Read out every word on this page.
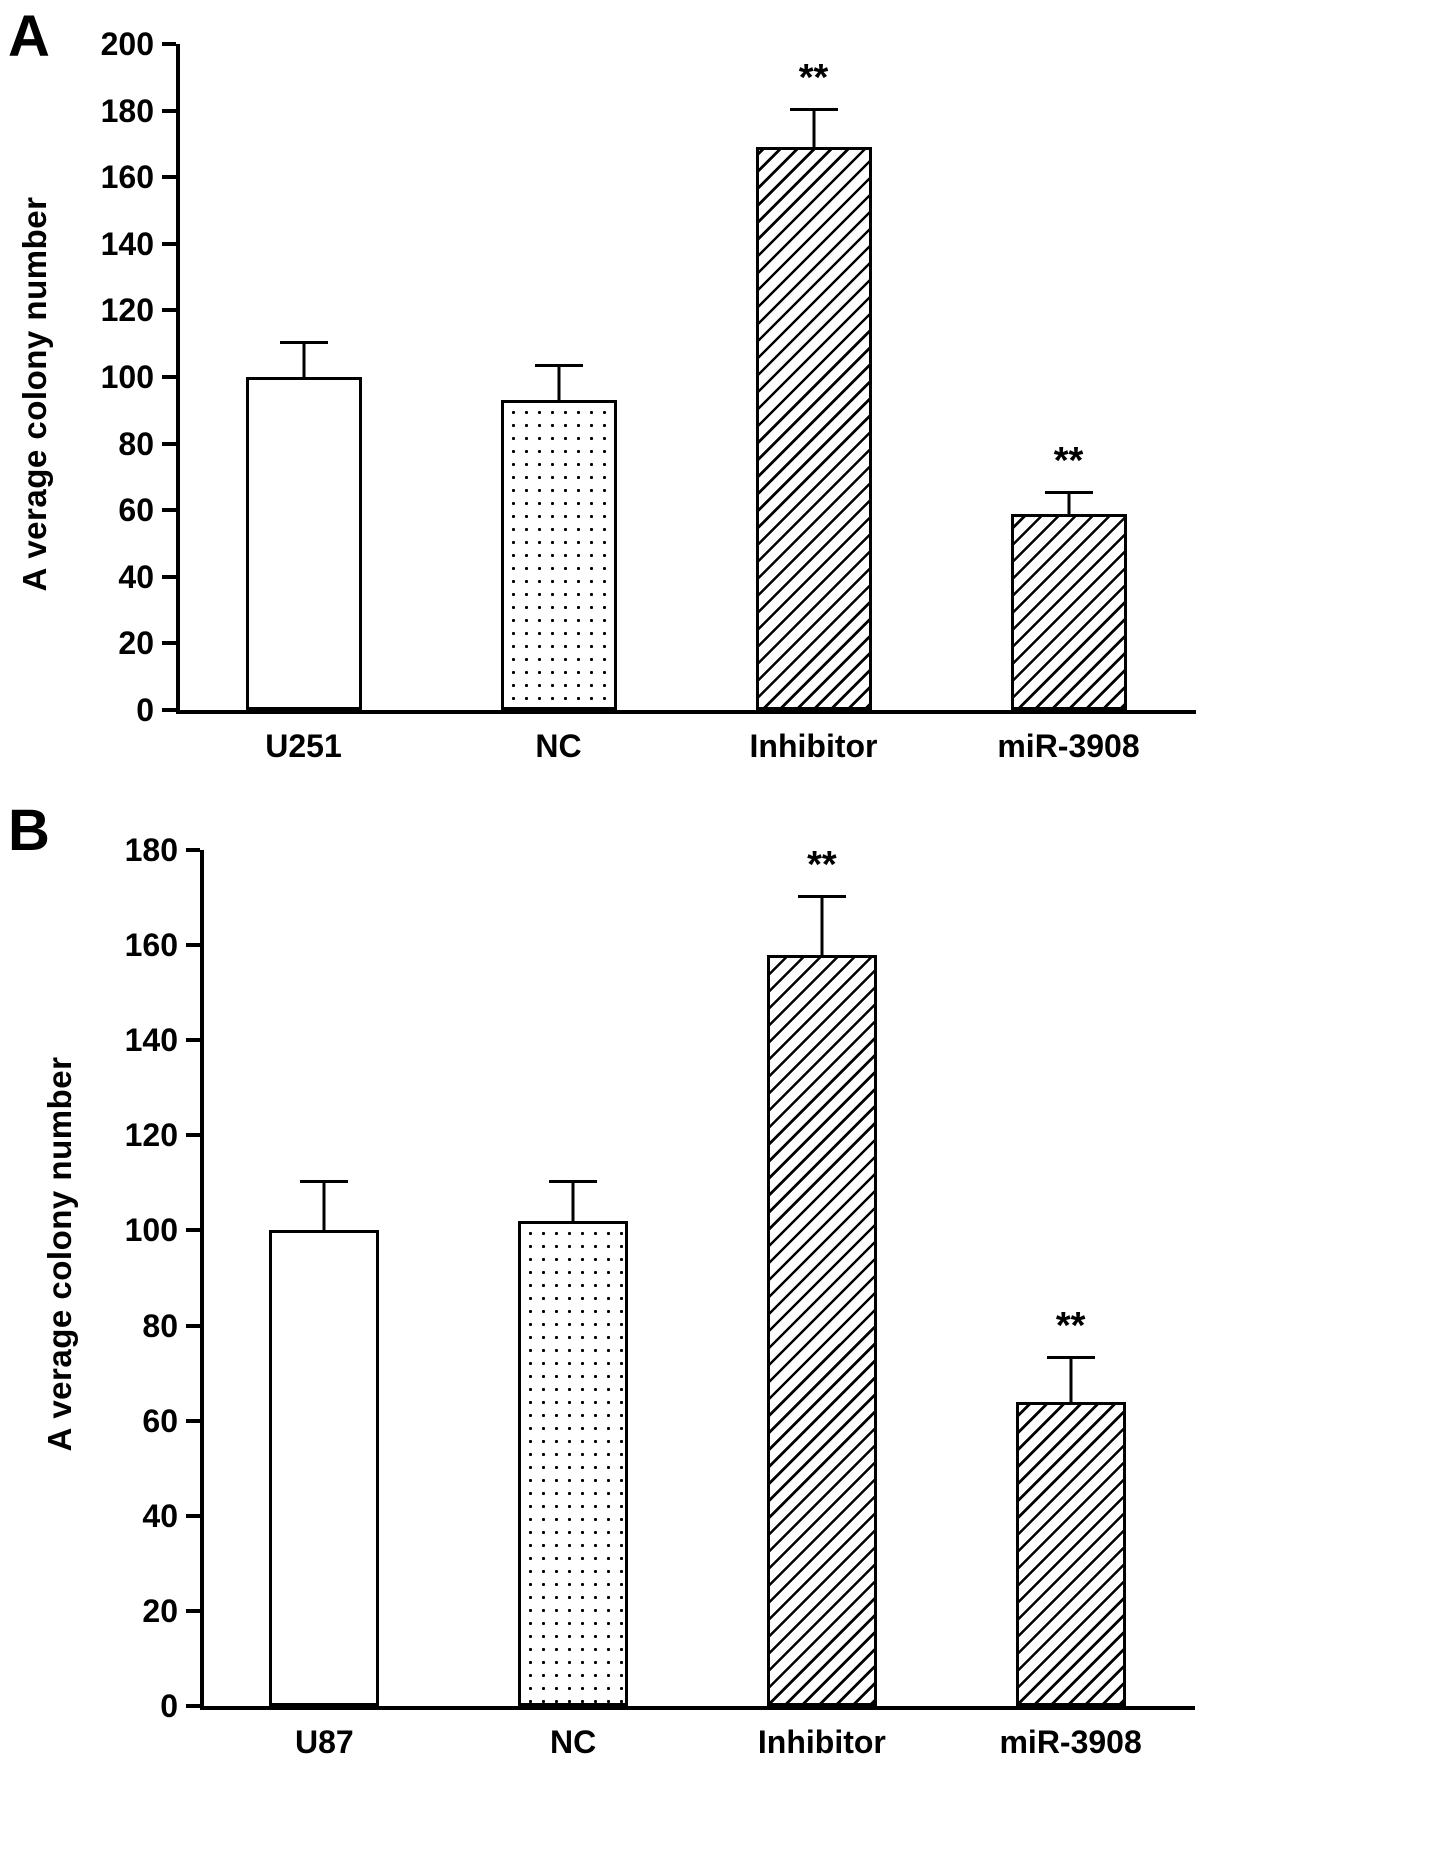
A
A verage colony number
0
20
40
60
80
100
120
140
160
180
200
U251	NC
**
Inhibitor
**
miR-3908
B
A verage colony number
0
20
40
60
80
100
120
140
160
180
U87	NC
**
Inhibitor
**
miR-3908
